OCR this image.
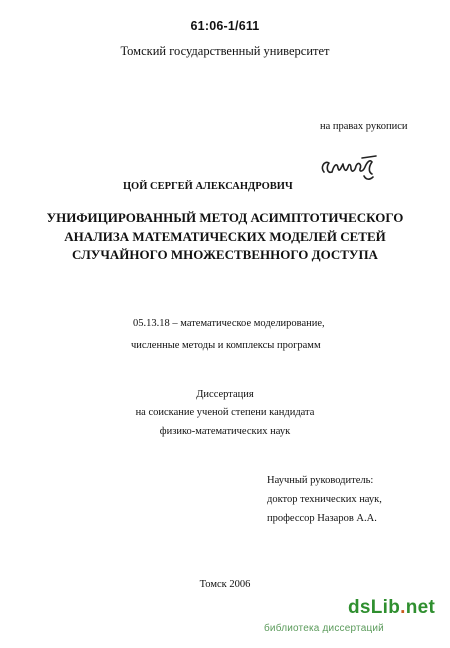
61:06-1/611
Томский государственный университет
на правах рукописи
ЦОЙ СЕРГЕЙ АЛЕКСАНДРОВИЧ
УНИФИЦИРОВАННЫЙ МЕТОД АСИМПТОТИЧЕСКОГО
АНАЛИЗА МАТЕМАТИЧЕСКИХ МОДЕЛЕЙ СЕТЕЙ
СЛУЧАЙНОГО МНОЖЕСТВЕННОГО ДОСТУПА
05.13.18 – математическое моделирование,
численные методы и комплексы программ
Диссертация
на соискание ученой степени кандидата
физико-математических наук
Научный руководитель:
доктор технических наук,
профессор Назаров А.А.
Томск 2006
dsLib.net
библиотека диссертаций
